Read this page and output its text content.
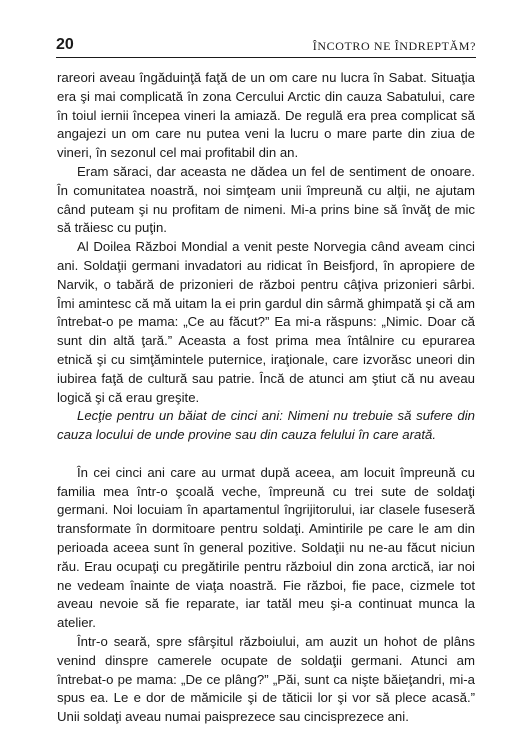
20	ÎNCOTRO NE ÎNDREPTĂM?

rareori aveau îngăduinţă faţă de un om care nu lucra în Sabat. Situaţia era şi mai complicată în zona Cercului Arctic din cauza Sabatului, care în toiul iernii începea vineri la amiază. De regulă era prea complicat să angajezi un om care nu putea veni la lucru o mare parte din ziua de vineri, în sezonul cel mai profitabil din an.

Eram săraci, dar aceasta ne dădea un fel de sentiment de onoare. În comunitatea noastră, noi simţeam unii împreună cu alţii, ne ajutam când puteam şi nu profitam de nimeni. Mi-a prins bine să învăţ de mic să trăiesc cu puţin.

Al Doilea Război Mondial a venit peste Norvegia când aveam cinci ani. Soldaţii germani invadatori au ridicat în Beisfjord, în apropiere de Narvik, o tabără de prizonieri de război pentru câţiva prizonieri sârbi. Îmi amintesc că mă uitam la ei prin gardul din sârmă ghimpată şi că am întrebat-o pe mama: „Ce au făcut?” Ea mi-a răspuns: „Nimic. Doar că sunt din altă ţară.” Aceasta a fost prima mea întâlnire cu epurarea etnică şi cu simţămintele puternice, iraţionale, care izvorăsc uneori din iubirea faţă de cultură sau patrie. Încă de atunci am ştiut că nu aveau logică şi că erau greşite.

Lecţie pentru un băiat de cinci ani: Nimeni nu trebuie să sufere din cauza locului de unde provine sau din cauza felului în care arată.

În cei cinci ani care au urmat după aceea, am locuit împreună cu familia mea într-o şcoală veche, împreună cu trei sute de soldaţi germani. Noi locuiam în apartamentul îngrijitorului, iar clasele fuseseră transformate în dormitoare pentru soldaţi. Amintirile pe care le am din perioada aceea sunt în general pozitive. Soldaţii nu ne-au făcut niciun rău. Erau ocupaţi cu pregătirile pentru războiul din zona arctică, iar noi ne vedeam înainte de viaţa noastră. Fie război, fie pace, cizmele tot aveau nevoie să fie reparate, iar tatăl meu şi-a continuat munca la atelier.

Într-o seară, spre sfârşitul războiului, am auzit un hohot de plâns venind dinspre camerele ocupate de soldaţii germani. Atunci am întrebat-o pe mama: „De ce plâng?” „Păi, sunt ca nişte băieţandri, mi-a spus ea. Le e dor de mămicile şi de tăticii lor şi vor să plece acasă.” Unii soldaţi aveau numai paisprezece sau cincisprezece ani.
